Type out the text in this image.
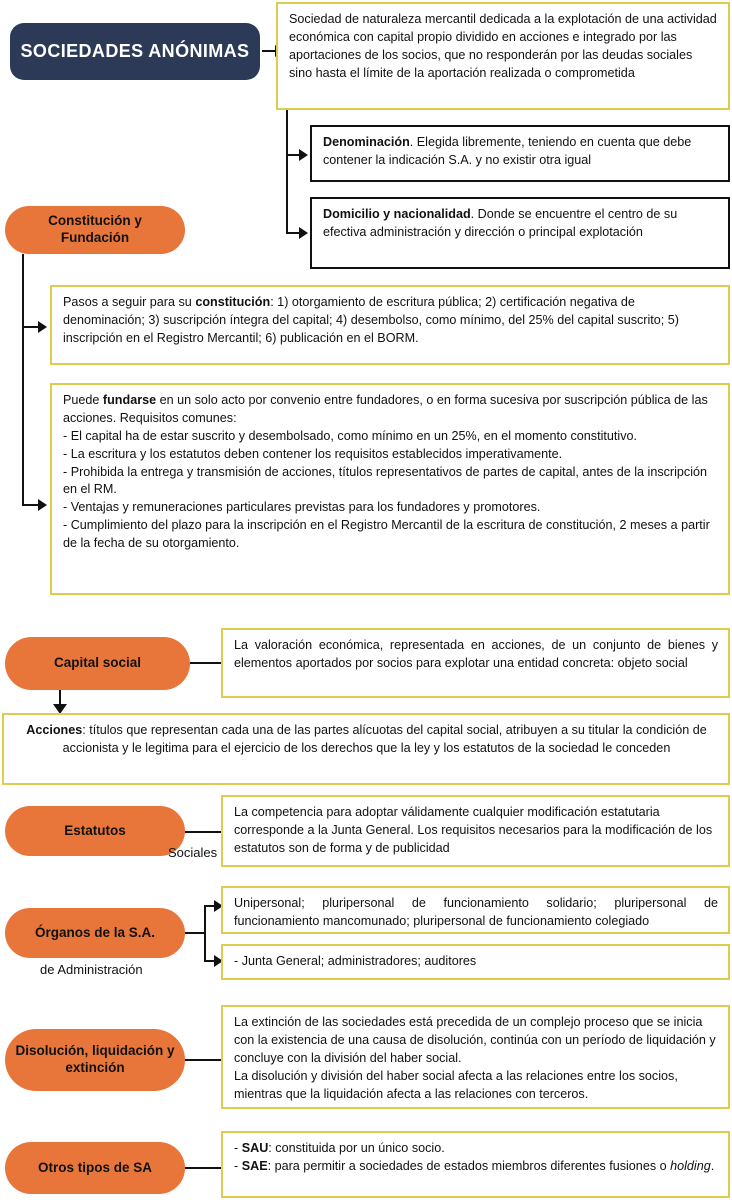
SOCIEDADES ANÓNIMAS
Sociedad de naturaleza mercantil dedicada a la explotación de una actividad económica con capital propio dividido en acciones e integrado por las aportaciones de los socios, que no responderán por las deudas sociales sino hasta el límite de la aportación realizada o comprometida
Denominación. Elegida libremente, teniendo en cuenta que debe contener la indicación S.A. y no existir otra igual
Domicilio y nacionalidad. Donde se encuentre el centro de su efectiva administración y dirección o principal explotación
Constitución y Fundación
Pasos a seguir para su constitución: 1) otorgamiento de escritura pública; 2) certificación negativa de denominación; 3) suscripción íntegra del capital; 4) desembolso, como mínimo, del 25% del capital suscrito; 5) inscripción en el Registro Mercantil; 6) publicación en el BORM.
Puede fundarse en un solo acto por convenio entre fundadores, o en forma sucesiva por suscripción pública de las acciones. Requisitos comunes:
- El capital ha de estar suscrito y desembolsado, como mínimo en un 25%, en el momento constitutivo.
- La escritura y los estatutos deben contener los requisitos establecidos imperativamente.
- Prohibida la entrega y transmisión de acciones, títulos representativos de partes de capital, antes de la inscripción en el RM.
- Ventajas y remuneraciones particulares previstas para los fundadores y promotores.
- Cumplimiento del plazo para la inscripción en el Registro Mercantil de la escritura de constitución, 2 meses a partir de la fecha de su otorgamiento.
Capital social
La valoración económica, representada en acciones, de un conjunto de bienes y elementos aportados por socios para explotar una entidad concreta: objeto social
Acciones: títulos que representan cada una de las partes alícuotas del capital social, atribuyen a su titular la condición de accionista y le legitima para el ejercicio de los derechos que la ley y los estatutos de la sociedad le conceden
Estatutos
Sociales
La competencia para adoptar válidamente cualquier modificación estatutaria corresponde a la Junta General. Los requisitos necesarios para la modificación de los estatutos son de forma y de publicidad
Órganos de la S.A.
de Administración
Unipersonal; pluripersonal de funcionamiento solidario; pluripersonal de funcionamiento mancomunado; pluripersonal de funcionamiento colegiado
- Junta General; administradores; auditores
Disolución, liquidación y extinción
La extinción de las sociedades está precedida de un complejo proceso que se inicia con la existencia de una causa de disolución, continúa con un período de liquidación y concluye con la división del haber social.
La disolución y división del haber social afecta a las relaciones entre los socios, mientras que la liquidación afecta a las relaciones con terceros.
Otros tipos de SA
- SAU: constituida por un único socio.
- SAE: para permitir a sociedades de estados miembros diferentes fusiones o holding.
